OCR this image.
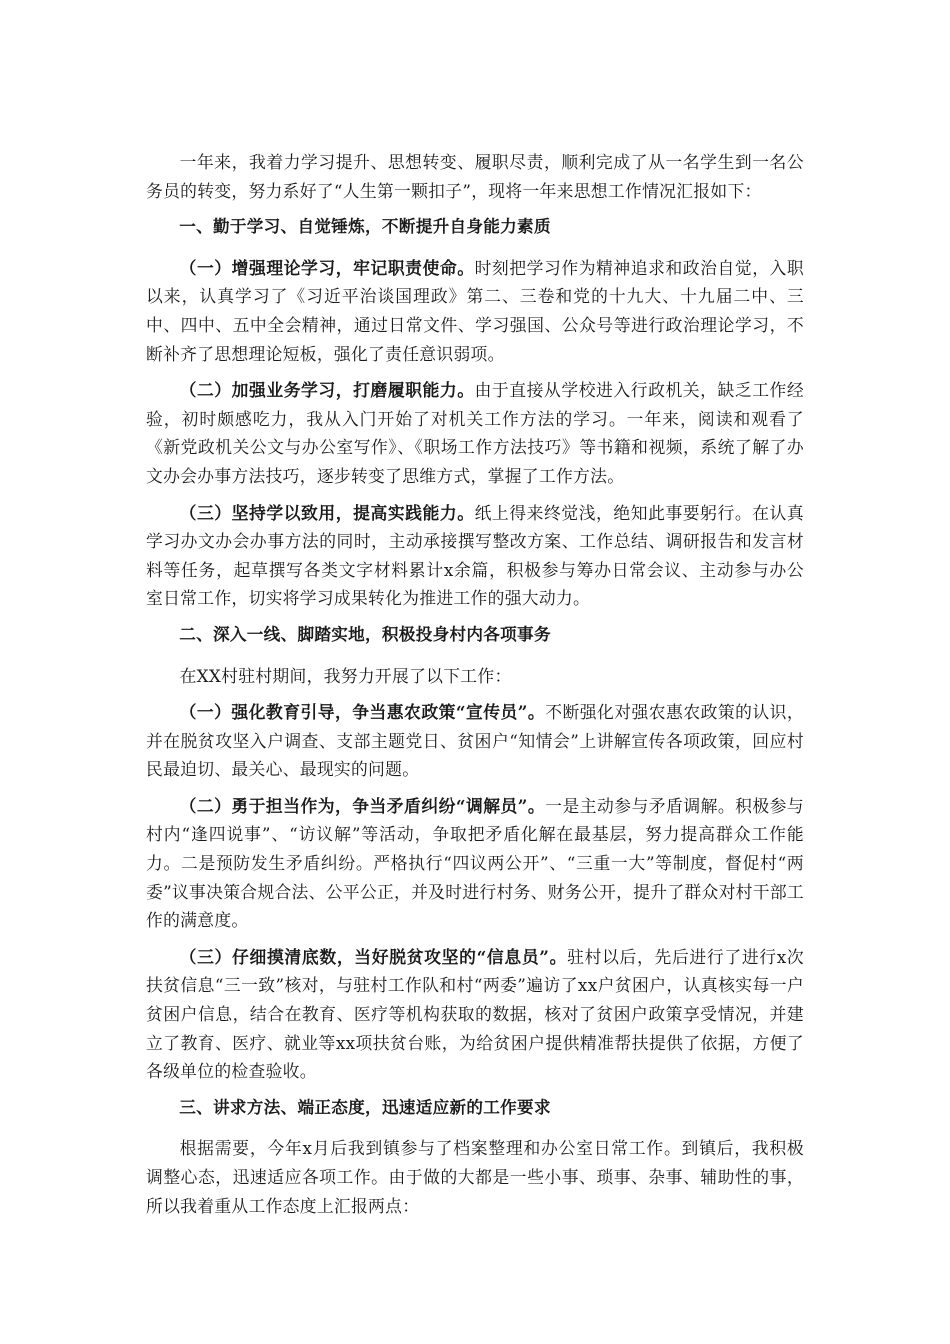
一年来，我着力学习提升、思想转变、履职尽责，顺利完成了从一名学生到一名公务员的转变，努力系好了“人生第一颗扣子”，现将一年来思想工作情况汇报如下：

一、勤于学习、自觉锤炼，不断提升自身能力素质

（一）增强理论学习，牢记职责使命。时刻把学习作为精神追求和政治自觉，入职以来，认真学习了《习近平治谈国理政》第二、三卷和党的十九大、十九届二中、三中、四中、五中全会精神，通过日常文件、学习强国、公众号等进行政治理论学习，不断补齐了思想理论短板，强化了责任意识弱项。

（二）加强业务学习，打磨履职能力。由于直接从学校进入行政机关，缺乏工作经验，初时颇感吃力，我从入门开始了对机关工作方法的学习。一年来，阅读和观看了《新党政机关公文与办公室写作》、《职场工作方法技巧》等书籍和视频，系统了解了办文办会办事方法技巧，逐步转变了思维方式，掌握了工作方法。

（三）坚持学以致用，提高实践能力。纸上得来终觉浅，绝知此事要躬行。在认真学习办文办会办事方法的同时，主动承接撰写整改方案、工作总结、调研报告和发言材料等任务，起草撰写各类文字材料累计x余篇，积极参与筹办日常会议、主动参与办公室日常工作，切实将学习成果转化为推进工作的强大动力。

二、深入一线、脚踏实地，积极投身村内各项事务

在XX村驻村期间，我努力开展了以下工作：

（一）强化教育引导，争当惠农政策“宣传员”。不断强化对强农惠农政策的认识，并在脱贫攻坚入户调查、支部主题党日、贫困户“知情会”上讲解宣传各项政策，回应村民最迫切、最关心、最现实的问题。

（二）勇于担当作为，争当矛盾纠纷“调解员”。一是主动参与矛盾调解。积极参与村内“逢四说事”、“访议解”等活动，争取把矛盾化解在最基层，努力提高群众工作能力。二是预防发生矛盾纠纷。严格执行“四议两公开”、“三重一大”等制度，督促村“两委”议事决策合规合法、公平公正，并及时进行村务、财务公开，提升了群众对村干部工作的满意度。

（三）仔细摸清底数，当好脱贫攻坚的“信息员”。驻村以后，先后进行了进行x次扶贫信息“三一致”核对，与驻村工作队和村“两委”遍访了xx户贫困户，认真核实每一户贫困户信息，结合在教育、医疗等机构获取的数据，核对了贫困户政策享受情况，并建立了教育、医疗、就业等xx项扶贫台账，为给贫困户提供精准帮扶提供了依据，方便了各级单位的检查验收。

三、讲求方法、端正态度，迅速适应新的工作要求

根据需要，今年x月后我到镇参与了档案整理和办公室日常工作。到镇后，我积极调整心态，迅速适应各项工作。由于做的大都是一些小事、琐事、杂事、辅助性的事，所以我着重从工作态度上汇报两点：
